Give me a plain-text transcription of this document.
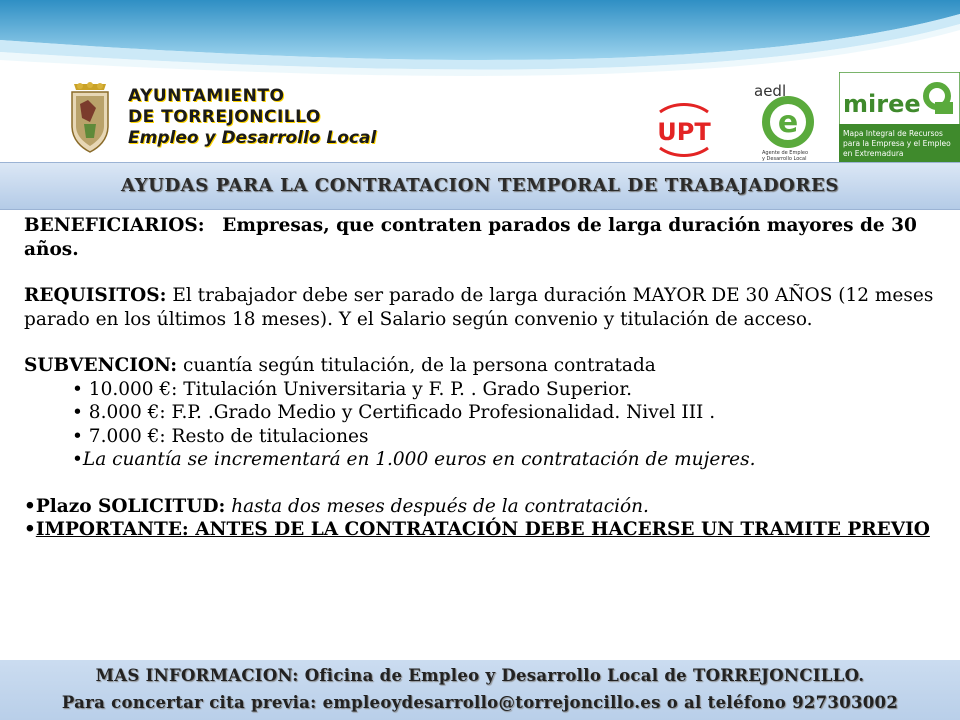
AYUNTAMIENTO
DE TORREJONCILLO
Empleo y Desarrollo Local	UPT
aedl
e
Agente de Empleo
y Desarrollo Local
miree
Mapa Integral de Recursos
para la Empresa y el Empleo
en Extremadura
AYUDAS PARA LA CONTRATACION TEMPORAL DE TRABAJADORES

BENEFICIARIOS: Empresas, que contraten parados de larga duración mayores de 30 años.

REQUISITOS: El trabajador debe ser parado de larga duración MAYOR DE 30 AÑOS (12 meses parado en los últimos 18 meses). Y el Salario según convenio y titulación de acceso.

SUBVENCION: cuantía según titulación, de la persona contratada

• 10.000 €: Titulación Universitaria y F. P. . Grado Superior.

• 8.000 €: F.P. .Grado Medio y Certificado Profesionalidad. Nivel III .

• 7.000 €: Resto de titulaciones

•La cuantía se incrementará en 1.000 euros en contratación de mujeres.

•Plazo SOLICITUD: hasta dos meses después de la contratación.

•IMPORTANTE: ANTES DE LA CONTRATACIÓN DEBE HACERSE UN TRAMITE PREVIO

MAS INFORMACION: Oficina de Empleo y Desarrollo Local de TORREJONCILLO.
Para concertar cita previa: empleoydesarrollo@torrejoncillo.es o al teléfono 927303002
